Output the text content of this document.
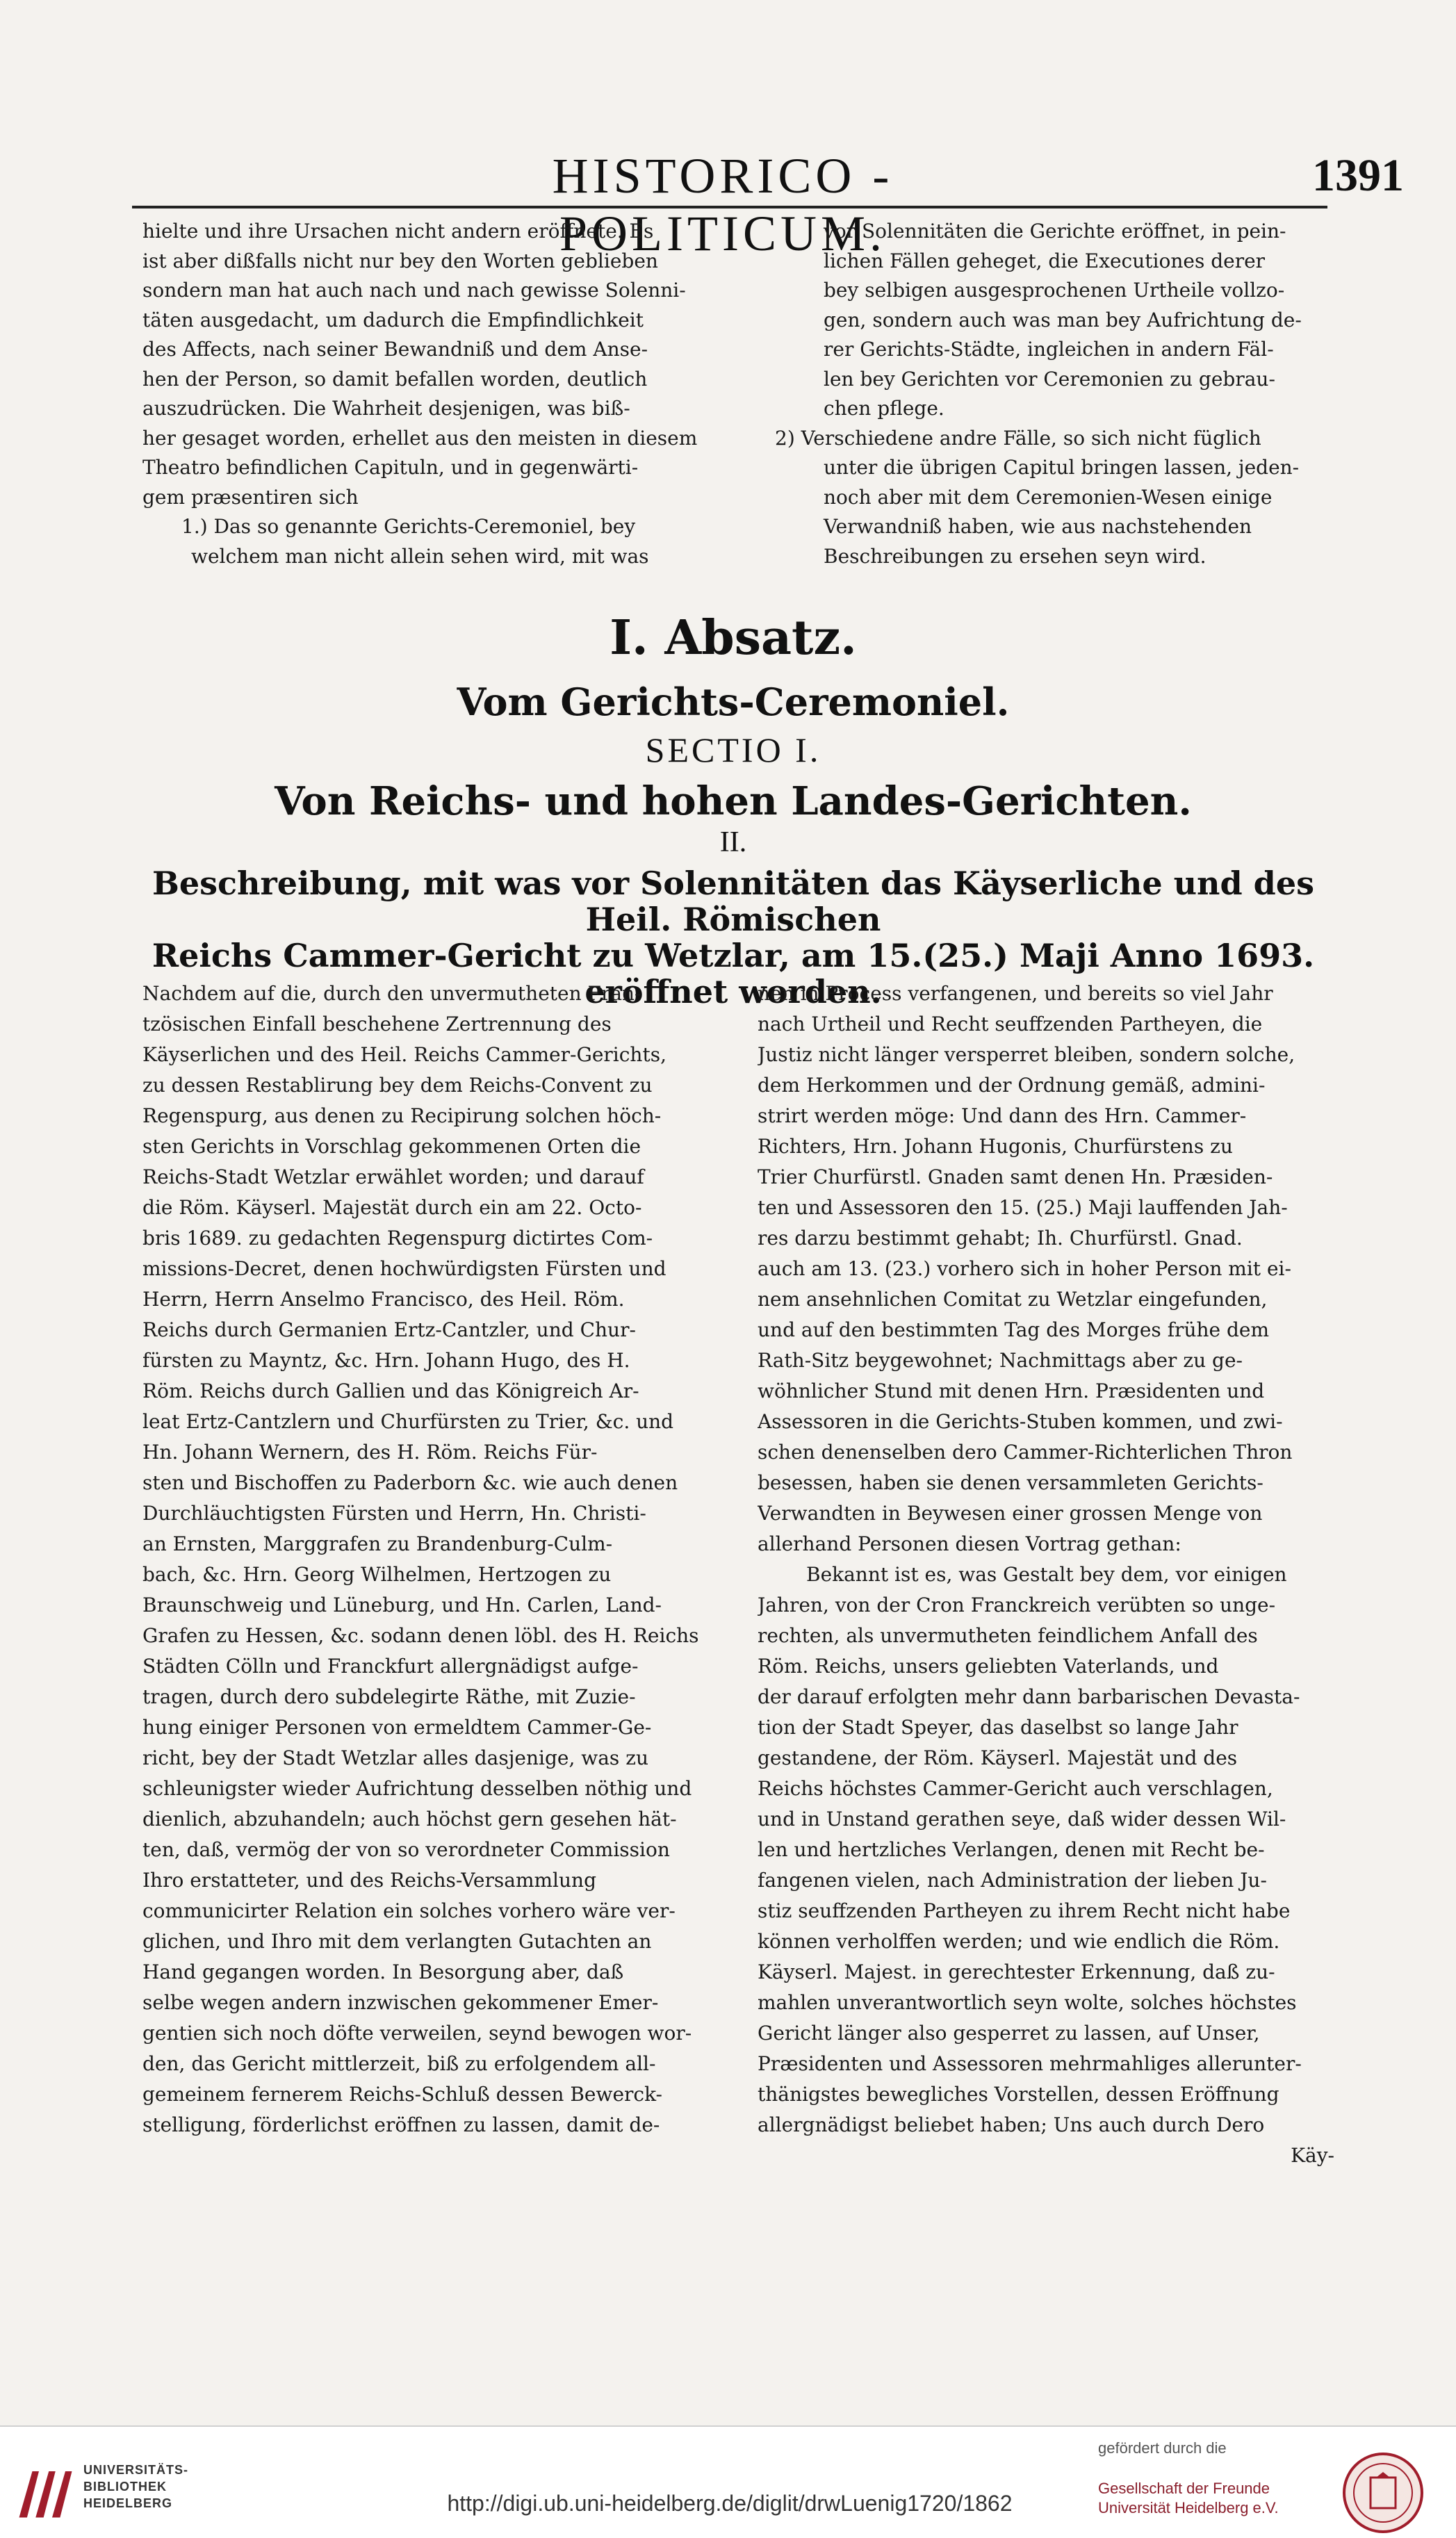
HISTORICO - POLITICUM.
1391
hielte und ihre Ursachen nicht andern eröffnete. Es
ist aber dißfalls nicht nur bey den Worten geblieben
sondern man hat auch nach und nach gewisse Solenni-
täten ausgedacht, um dadurch die Empfindlichkeit
des Affects, nach seiner Bewandniß und dem Anse-
hen der Person, so damit befallen worden, deutlich
auszudrücken. Die Wahrheit desjenigen, was biß-
her gesaget worden, erhellet aus den meisten in diesem
Theatro befindlichen Capituln, und in gegenwärti-
gem præsentiren sich
1.) Das so genannte Gerichts-Ceremoniel, bey
welchem man nicht allein sehen wird, mit was
vor Solennitäten die Gerichte eröffnet, in pein-
lichen Fällen geheget, die Executiones derer
bey selbigen ausgesprochenen Urtheile vollzo-
gen, sondern auch was man bey Aufrichtung de-
rer Gerichts-Städte, ingleichen in andern Fäl-
len bey Gerichten vor Ceremonien zu gebrau-
chen pflege.
2) Verschiedene andre Fälle, so sich nicht füglich
unter die übrigen Capitul bringen lassen, jeden-
noch aber mit dem Ceremonien-Wesen einige
Verwandniß haben, wie aus nachstehenden
Beschreibungen zu ersehen seyn wird.
I. Absatz.
Vom Gerichts-Ceremoniel.
SECTIO I.
Von Reichs- und hohen Landes-Gerichten.
II.
Beschreibung, mit was vor Solennitäten das Käyserliche und des Heil. Römischen
Reichs Cammer-Gericht zu Wetzlar, am 15.(25.) Maji Anno 1693.
eröffnet worden.
Nachdem auf die, durch den unvermutheten Fran-
tzösischen Einfall beschehene Zertrennung des
Käyserlichen und des Heil. Reichs Cammer-Gerichts,
zu dessen Restablirung bey dem Reichs-Convent zu
Regenspurg, aus denen zu Recipirung solchen höch-
sten Gerichts in Vorschlag gekommenen Orten die
Reichs-Stadt Wetzlar erwählet worden; und darauf
die Röm. Käyserl. Majestät durch ein am 22. Octo-
bris 1689. zu gedachten Regenspurg dictirtes Com-
missions-Decret, denen hochwürdigsten Fürsten und
Herrn, Herrn Anselmo Francisco, des Heil. Röm.
Reichs durch Germanien Ertz-Cantzler, und Chur-
fürsten zu Mayntz, &c. Hrn. Johann Hugo, des H.
Röm. Reichs durch Gallien und das Königreich Ar-
leat Ertz-Cantzlern und Churfürsten zu Trier, &c. und
Hn. Johann Wernern, des H. Röm. Reichs Für-
sten und Bischoffen zu Paderborn &c. wie auch denen
Durchläuchtigsten Fürsten und Herrn, Hn. Christi-
an Ernsten, Marggrafen zu Brandenburg-Culm-
bach, &c. Hrn. Georg Wilhelmen, Hertzogen zu
Braunschweig und Lüneburg, und Hn. Carlen, Land-
Grafen zu Hessen, &c. sodann denen löbl. des H. Reichs
Städten Cölln und Franckfurt allergnädigst aufge-
tragen, durch dero subdelegirte Räthe, mit Zuzie-
hung einiger Personen von ermeldtem Cammer-Ge-
richt, bey der Stadt Wetzlar alles dasjenige, was zu
schleunigster wieder Aufrichtung desselben nöthig und
dienlich, abzuhandeln; auch höchst gern gesehen hät-
ten, daß, vermög der von so verordneter Commission
Ihro erstatteter, und des Reichs-Versammlung
communicirter Relation ein solches vorhero wäre ver-
glichen, und Ihro mit dem verlangten Gutachten an
Hand gegangen worden. In Besorgung aber, daß
selbe wegen andern inzwischen gekommener Emer-
gentien sich noch döfte verweilen, seynd bewogen wor-
den, das Gericht mittlerzeit, biß zu erfolgendem all-
gemeinem fernerem Reichs-Schluß dessen Bewerck-
stelligung, förderlichst eröffnen zu lassen, damit de-
nen in Process verfangenen, und bereits so viel Jahr
nach Urtheil und Recht seuffzenden Partheyen, die
Justiz nicht länger versperret bleiben, sondern solche,
dem Herkommen und der Ordnung gemäß, admini-
strirt werden möge: Und dann des Hrn. Cammer-
Richters, Hrn. Johann Hugonis, Churfürstens zu
Trier Churfürstl. Gnaden samt denen Hn. Præsiden-
ten und Assessoren den 15. (25.) Maji lauffenden Jah-
res darzu bestimmt gehabt; Ih. Churfürstl. Gnad.
auch am 13. (23.) vorhero sich in hoher Person mit ei-
nem ansehnlichen Comitat zu Wetzlar eingefunden,
und auf den bestimmten Tag des Morges frühe dem
Rath-Sitz beygewohnet; Nachmittags aber zu ge-
wöhnlicher Stund mit denen Hrn. Præsidenten und
Assessoren in die Gerichts-Stuben kommen, und zwi-
schen denenselben dero Cammer-Richterlichen Thron
besessen, haben sie denen versammleten Gerichts-
Verwandten in Beywesen einer grossen Menge von
allerhand Personen diesen Vortrag gethan:
Bekannt ist es, was Gestalt bey dem, vor einigen
Jahren, von der Cron Franckreich verübten so unge-
rechten, als unvermutheten feindlichem Anfall des
Röm. Reichs, unsers geliebten Vaterlands, und
der darauf erfolgten mehr dann barbarischen Devasta-
tion der Stadt Speyer, das daselbst so lange Jahr
gestandene, der Röm. Käyserl. Majestät und des
Reichs höchstes Cammer-Gericht auch verschlagen,
und in Unstand gerathen seye, daß wider dessen Wil-
len und hertzliches Verlangen, denen mit Recht be-
fangenen vielen, nach Administration der lieben Ju-
stiz seuffzenden Partheyen zu ihrem Recht nicht habe
können verholffen werden; und wie endlich die Röm.
Käyserl. Majest. in gerechtester Erkennung, daß zu-
mahlen unverantwortlich seyn wolte, solches höchstes
Gericht länger also gesperret zu lassen, auf Unser,
Præsidenten und Assessoren mehrmahliges allerunter-
thänigstes bewegliches Vorstellen, dessen Eröffnung
allergnädigst beliebet haben; Uns auch durch Dero
Käy-
UNIVERSITÄTS-
BIBLIOTHEK
HEIDELBERG	http://digi.ub.uni-heidelberg.de/diglit/drwLuenig1720/1862
gefördert durch die
Gesellschaft der Freunde
Universität Heidelberg e.V.
